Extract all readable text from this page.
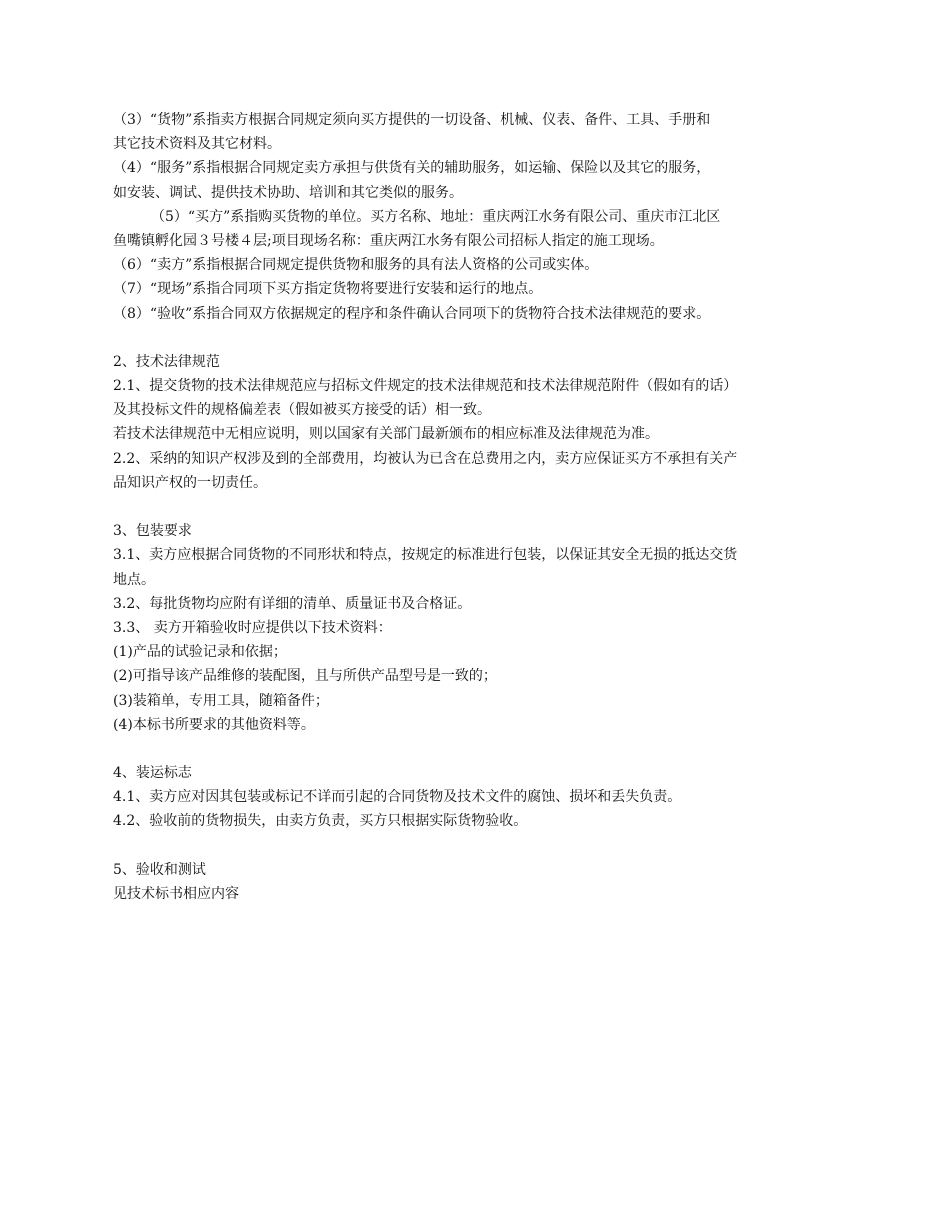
（3）“货物”系指卖方根据合同规定须向买方提供的一切设备、机械、仪表、备件、工具、手册和
其它技术资料及其它材料。
（4）“服务”系指根据合同规定卖方承担与供货有关的辅助服务，如运输、保险以及其它的服务，
如安装、调试、提供技术协助、培训和其它类似的服务。
（5）“买方”系指购买货物的单位。买方名称、地址：重庆两江水务有限公司、重庆市江北区
鱼嘴镇孵化园３号楼４层;项目现场名称：重庆两江水务有限公司招标人指定的施工现场。
（6）“卖方”系指根据合同规定提供货物和服务的具有法人资格的公司或实体。
（7）“现场”系指合同项下买方指定货物将要进行安装和运行的地点。
（8）“验收”系指合同双方依据规定的程序和条件确认合同项下的货物符合技术法律规范的要求。
2、技术法律规范
2.1、提交货物的技术法律规范应与招标文件规定的技术法律规范和技术法律规范附件（假如有的话）
及其投标文件的规格偏差表（假如被买方接受的话）相一致。
若技术法律规范中无相应说明，则以国家有关部门最新颁布的相应标准及法律规范为准。
2.2、采纳的知识产权涉及到的全部费用，均被认为已含在总费用之内，卖方应保证买方不承担有关产
品知识产权的一切责任。
3、包装要求
3.1、卖方应根据合同货物的不同形状和特点，按规定的标准进行包装，以保证其安全无损的抵达交货
地点。
3.2、每批货物均应附有详细的清单、质量证书及合格证。
3.3、 卖方开箱验收时应提供以下技术资料：
(1)产品的试验记录和依据；
(2)可指导该产品维修的装配图，且与所供产品型号是一致的；
(3)装箱单，专用工具，随箱备件；
(4)本标书所要求的其他资料等。
4、装运标志
4.1、卖方应对因其包装或标记不详而引起的合同货物及技术文件的腐蚀、损坏和丢失负责。
4.2、验收前的货物损失，由卖方负责，买方只根据实际货物验收。
5、验收和测试
见技术标书相应内容
